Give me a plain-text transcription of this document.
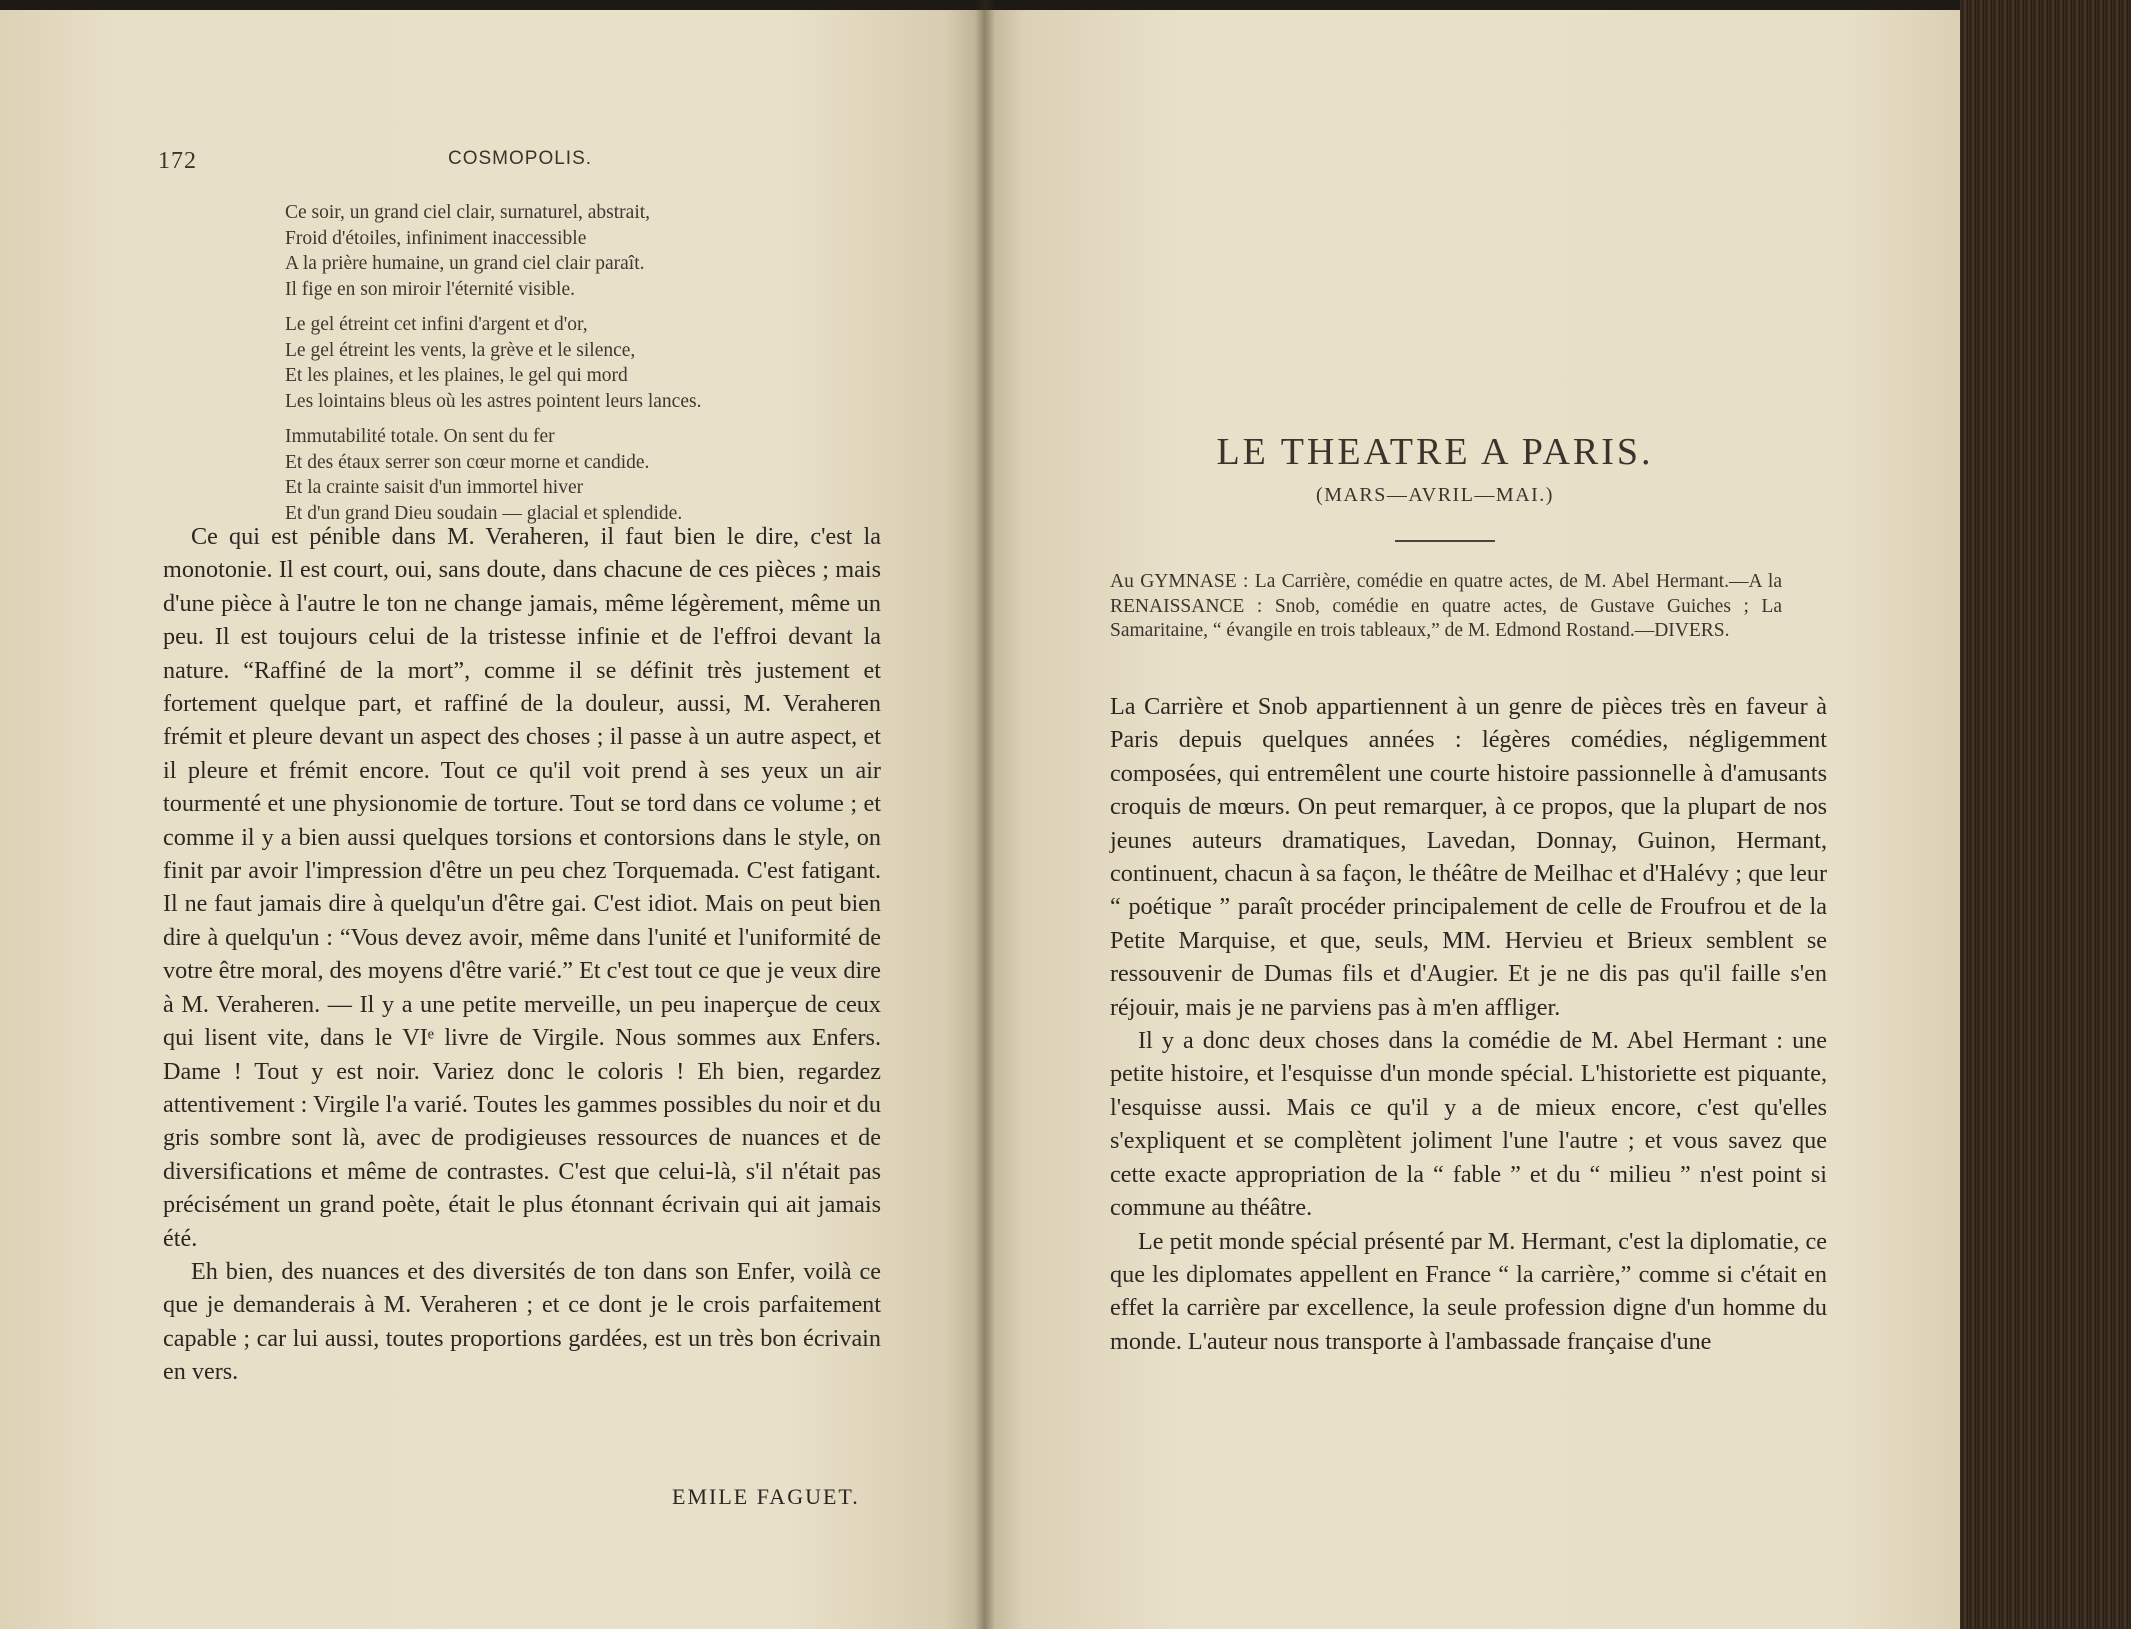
172	COSMOPOLIS.
Ce soir, un grand ciel clair, surnaturel, abstrait,
Froid d'étoiles, infiniment inaccessible
A la prière humaine, un grand ciel clair paraît.
Il fige en son miroir l'éternité visible.
Le gel étreint cet infini d'argent et d'or,
Le gel étreint les vents, la grève et le silence,
Et les plaines, et les plaines, le gel qui mord
Les lointains bleus où les astres pointent leurs lances.
Immutabilité totale. On sent du fer
Et des étaux serrer son cœur morne et candide.
Et la crainte saisit d'un immortel hiver
Et d'un grand Dieu soudain — glacial et splendide.

Ce qui est pénible dans M. Veraheren, il faut bien le dire, c'est la monotonie. Il est court, oui, sans doute, dans chacune de ces pièces ; mais d'une pièce à l'autre le ton ne change jamais, même légèrement, même un peu. Il est toujours celui de la tristesse infinie et de l'effroi devant la nature. “Raffiné de la mort”, comme il se définit très justement et fortement quelque part, et raffiné de la douleur, aussi, M. Veraheren frémit et pleure devant un aspect des choses ; il passe à un autre aspect, et il pleure et frémit encore. Tout ce qu'il voit prend à ses yeux un air tourmenté et une physionomie de torture. Tout se tord dans ce volume ; et comme il y a bien aussi quelques torsions et contorsions dans le style, on finit par avoir l'impression d'être un peu chez Torquemada. C'est fatigant. Il ne faut jamais dire à quelqu'un d'être gai. C'est idiot. Mais on peut bien dire à quelqu'un : “Vous devez avoir, même dans l'unité et l'uniformité de votre être moral, des moyens d'être varié.” Et c'est tout ce que je veux dire à M. Veraheren. — Il y a une petite merveille, un peu inaperçue de ceux qui lisent vite, dans le VIᵉ livre de Virgile. Nous sommes aux Enfers. Dame ! Tout y est noir. Variez donc le coloris ! Eh bien, regardez attentivement : Virgile l'a varié. Toutes les gammes possibles du noir et du gris sombre sont là, avec de prodigieuses ressources de nuances et de diversifications et même de contrastes. C'est que celui-là, s'il n'était pas précisément un grand poète, était le plus étonnant écrivain qui ait jamais été.

Eh bien, des nuances et des diversités de ton dans son Enfer, voilà ce que je demanderais à M. Veraheren ; et ce dont je le crois parfaitement capable ; car lui aussi, toutes proportions gardées, est un très bon écrivain en vers.

EMILE FAGUET.
LE THEATRE A PARIS.
(MARS—AVRIL—MAI.)
Au GYMNASE : La Carrière, comédie en quatre actes, de M. Abel Hermant.—A la RENAISSANCE : Snob, comédie en quatre actes, de Gustave Guiches ; La Samaritaine, “ évangile en trois tableaux,” de M. Edmond Rostand.—DIVERS.

La Carrière et Snob appartiennent à un genre de pièces très en faveur à Paris depuis quelques années : légères comédies, négligemment composées, qui entremêlent une courte histoire passionnelle à d'amusants croquis de mœurs. On peut remarquer, à ce propos, que la plupart de nos jeunes auteurs dramatiques, Lavedan, Donnay, Guinon, Hermant, continuent, chacun à sa façon, le théâtre de Meilhac et d'Halévy ; que leur “ poétique ” paraît procéder principalement de celle de Froufrou et de la Petite Marquise, et que, seuls, MM. Hervieu et Brieux semblent se ressouvenir de Dumas fils et d'Augier. Et je ne dis pas qu'il faille s'en réjouir, mais je ne parviens pas à m'en affliger.

Il y a donc deux choses dans la comédie de M. Abel Hermant : une petite histoire, et l'esquisse d'un monde spécial. L'historiette est piquante, l'esquisse aussi. Mais ce qu'il y a de mieux encore, c'est qu'elles s'expliquent et se complètent joliment l'une l'autre ; et vous savez que cette exacte appropriation de la “ fable ” et du “ milieu ” n'est point si commune au théâtre.

Le petit monde spécial présenté par M. Hermant, c'est la diplomatie, ce que les diplomates appellent en France “ la carrière,” comme si c'était en effet la carrière par excellence, la seule profession digne d'un homme du monde. L'auteur nous transporte à l'ambassade française d'une
